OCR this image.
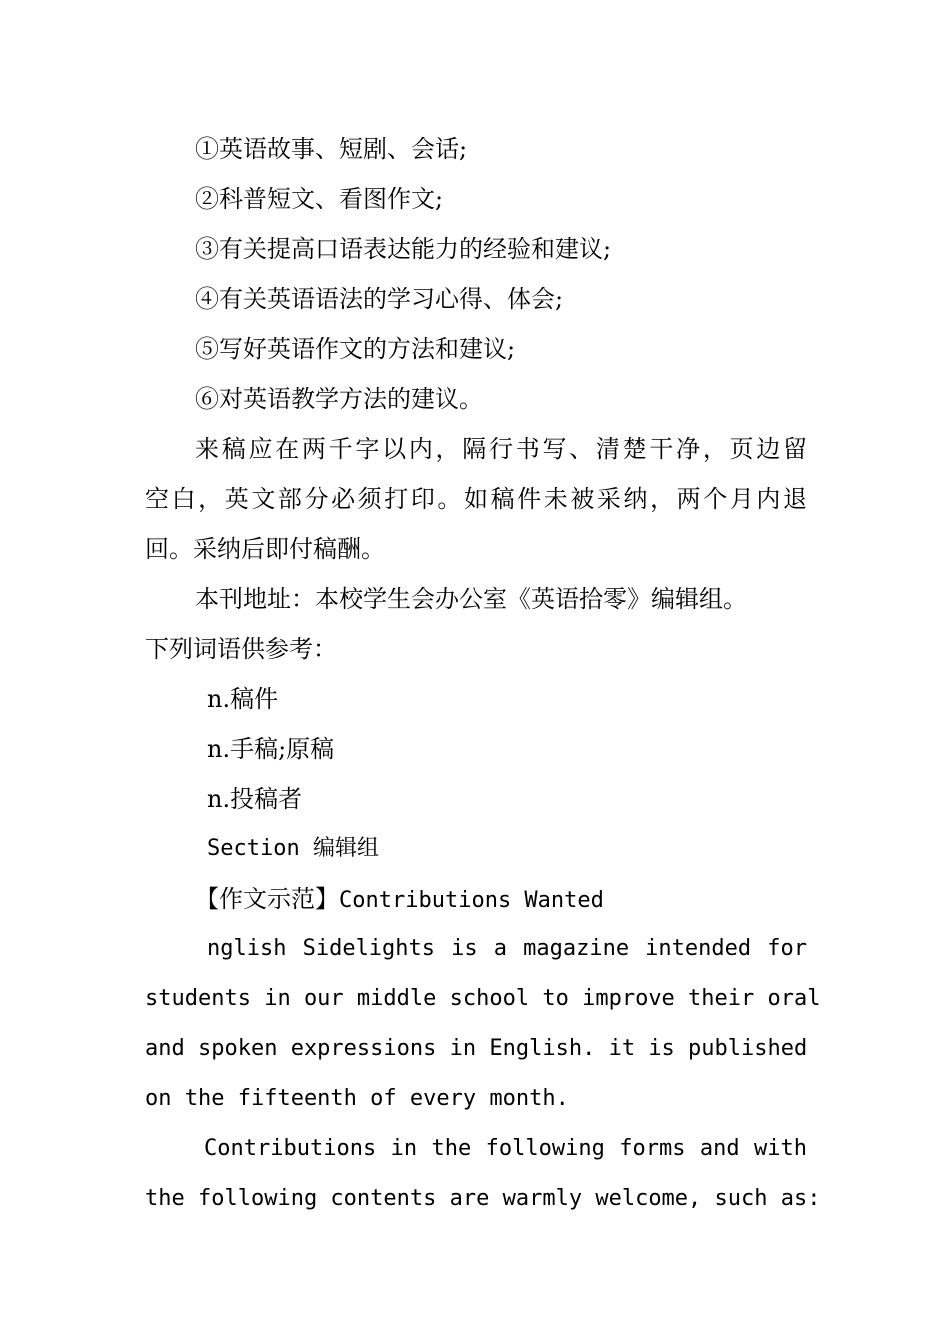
①英语故事、短剧、会话;

②科普短文、看图作文;

③有关提高口语表达能力的经验和建议;

④有关英语语法的学习心得、体会;

⑤写好英语作文的方法和建议;

⑥对英语教学方法的建议。

来稿应在两千字以内，隔行书写、清楚干净，页边留

空白，英文部分必须打印。如稿件未被采纳，两个月内退

回。采纳后即付稿酬。

本刊地址：本校学生会办公室《英语拾零》编辑组。

下列词语供参考：

n.稿件

n.手稿;原稿

n.投稿者

Section 编辑组

【作文示范】Contributions Wanted

nglish Sidelights is a magazine intended for

students in our middle school to improve their oral

and spoken expressions in English. it is published

on the fifteenth of every month.

Contributions in the following forms and with

the following contents are warmly welcome, such as:
